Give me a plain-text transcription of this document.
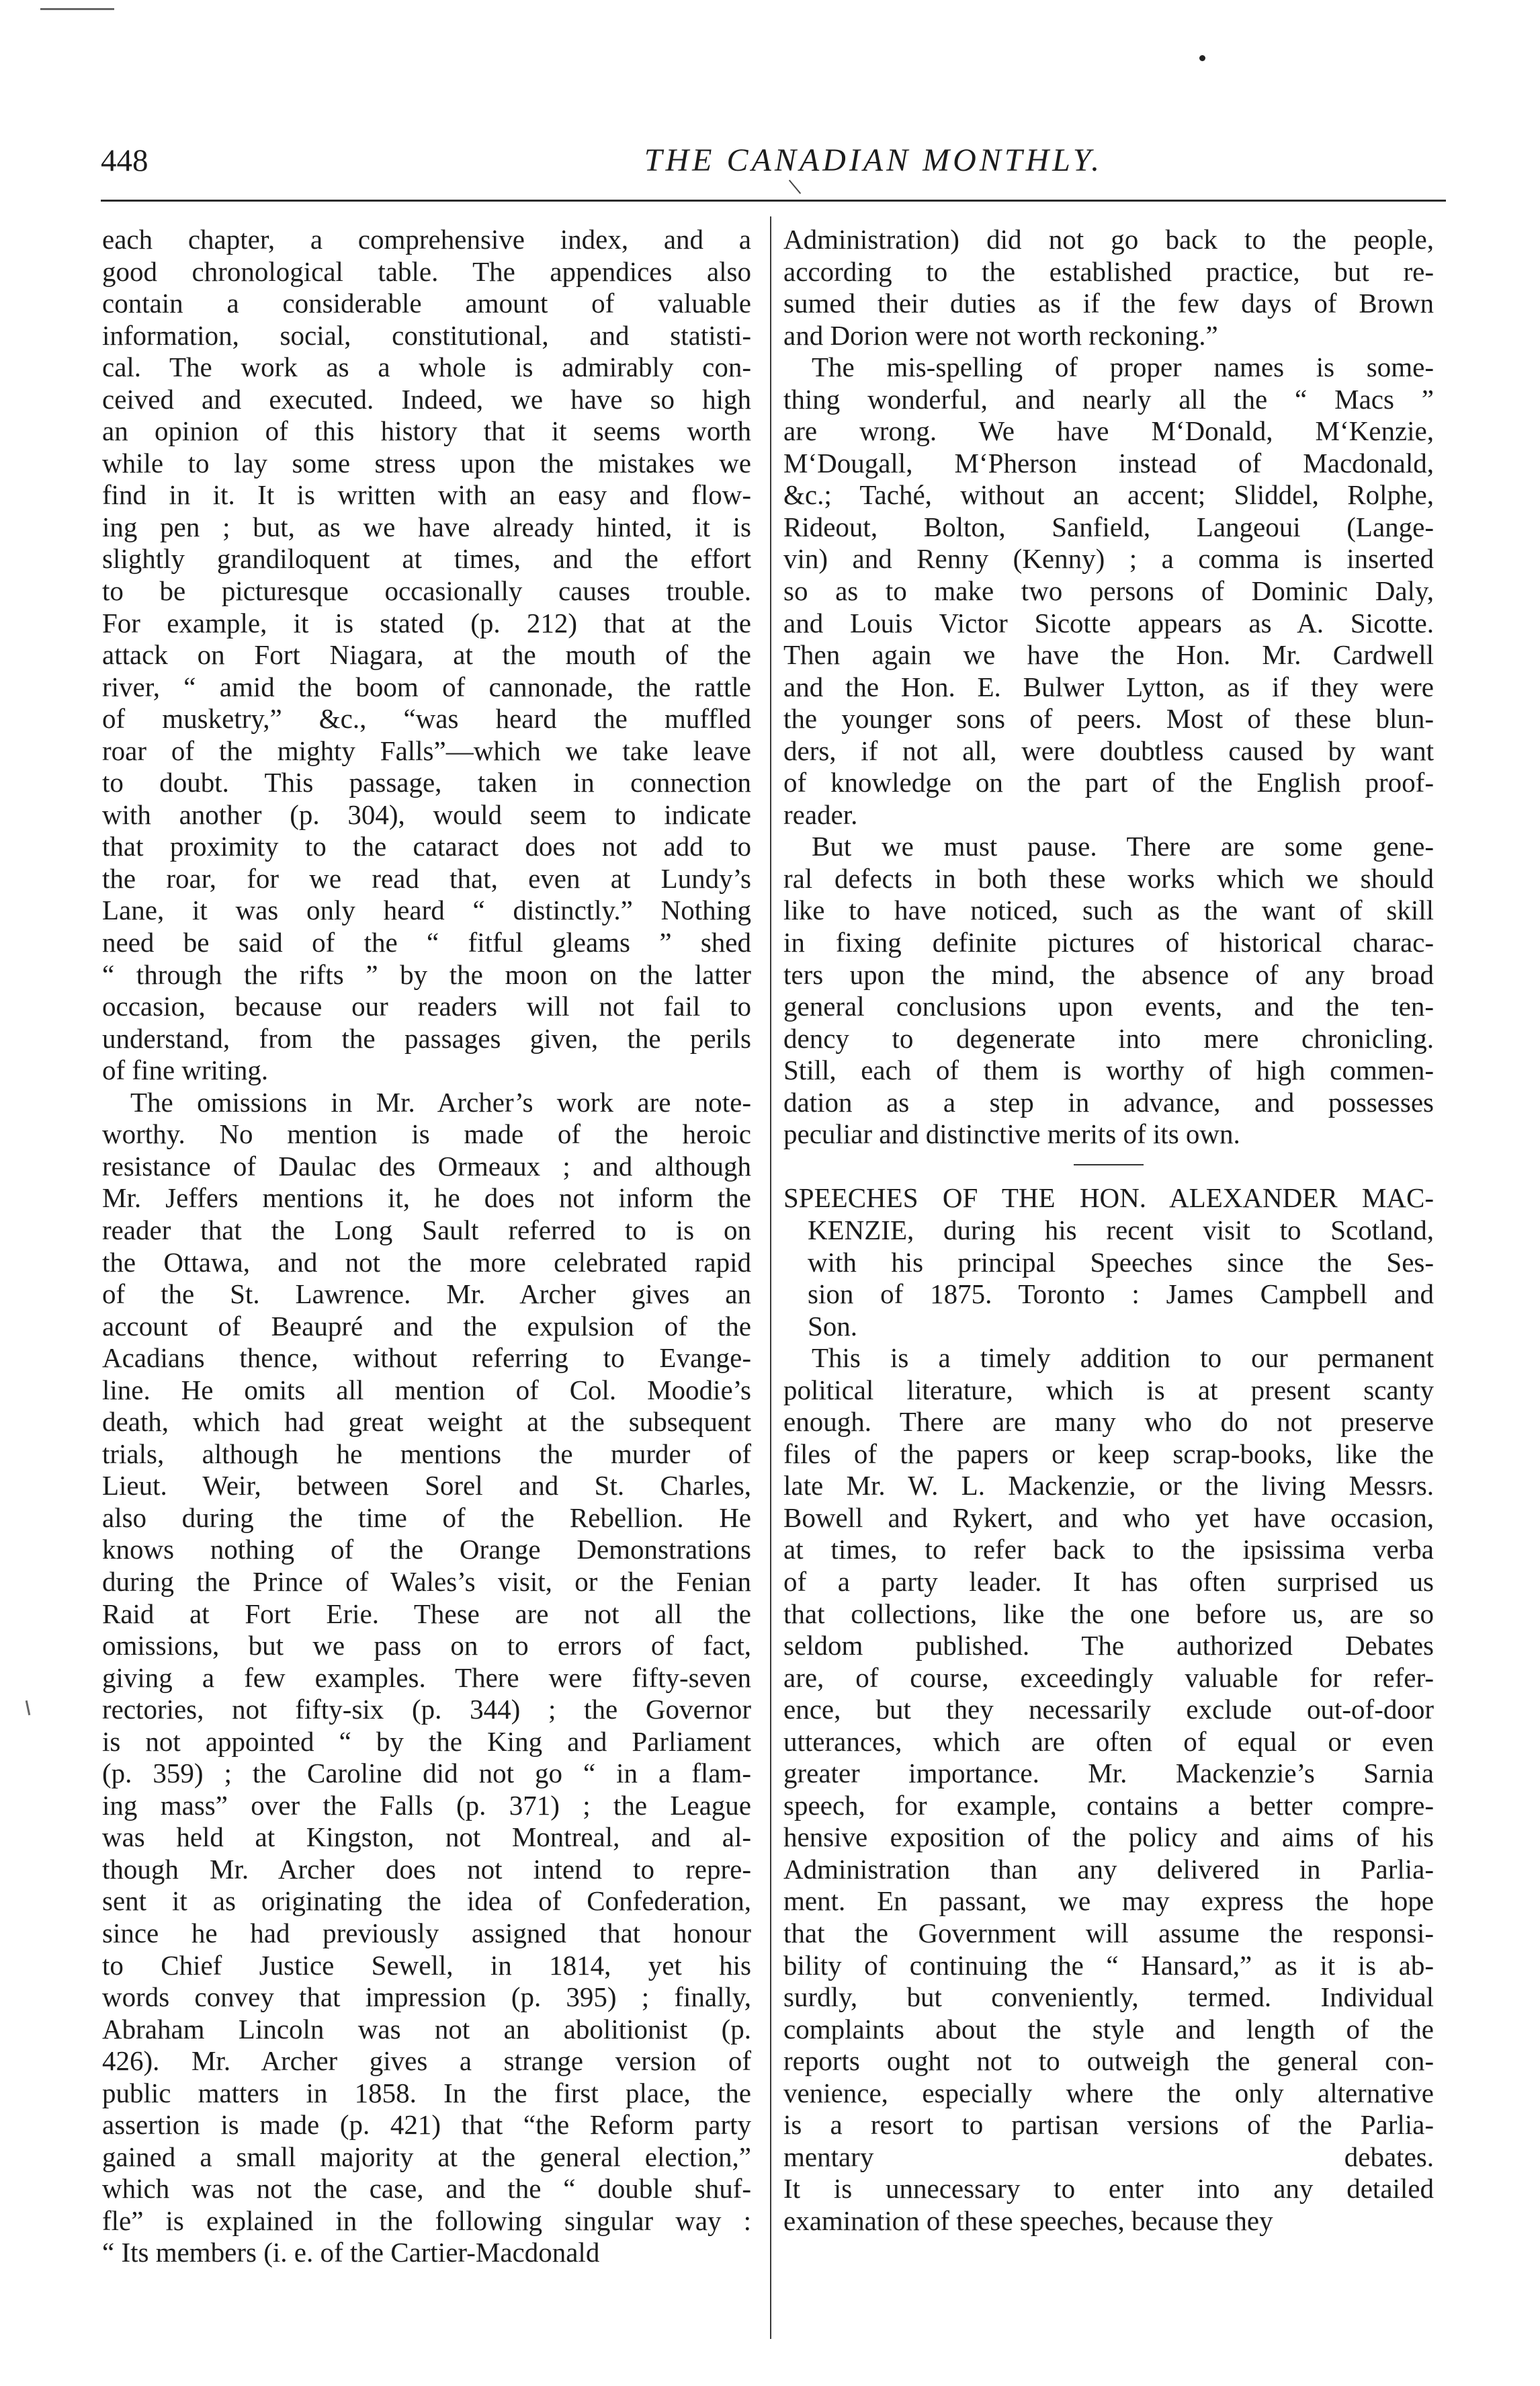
448	THE CANADIAN MONTHLY.
each chapter, a comprehensive index, and a
good chronological table. The appendices also
contain a considerable amount of valuable
information, social, constitutional, and statisti-
cal. The work as a whole is admirably con-
ceived and executed. Indeed, we have so high
an opinion of this history that it seems worth
while to lay some stress upon the mistakes we
find in it. It is written with an easy and flow-
ing pen ; but, as we have already hinted, it is
slightly grandiloquent at times, and the effort
to be picturesque occasionally causes trouble.
For example, it is stated (p. 212) that at the
attack on Fort Niagara, at the mouth of the
river, “ amid the boom of cannonade, the rattle
of musketry,” &c., “was heard the muffled
roar of the mighty Falls”—which we take leave
to doubt. This passage, taken in connection
with another (p. 304), would seem to indicate
that proximity to the cataract does not add to
the roar, for we read that, even at Lundy’s
Lane, it was only heard “ distinctly.” Nothing
need be said of the “ fitful gleams ” shed
“ through the rifts ” by the moon on the latter
occasion, because our readers will not fail to
understand, from the passages given, the perils
of fine writing.
The omissions in Mr. Archer’s work are note-
worthy. No mention is made of the heroic
resistance of Daulac des Ormeaux ; and although
Mr. Jeffers mentions it, he does not inform the
reader that the Long Sault referred to is on
the Ottawa, and not the more celebrated rapid
of the St. Lawrence. Mr. Archer gives an
account of Beaupré and the expulsion of the
Acadians thence, without referring to Evange-
line. He omits all mention of Col. Moodie’s
death, which had great weight at the subsequent
trials, although he mentions the murder of
Lieut. Weir, between Sorel and St. Charles,
also during the time of the Rebellion. He
knows nothing of the Orange Demonstrations
during the Prince of Wales’s visit, or the Fenian
Raid at Fort Erie. These are not all the
omissions, but we pass on to errors of fact,
giving a few examples. There were fifty-seven
rectories, not fifty-six (p. 344) ; the Governor
is not appointed “ by the King and Parliament
(p. 359) ; the Caroline did not go “ in a flam-
ing mass” over the Falls (p. 371) ; the League
was held at Kingston, not Montreal, and al-
though Mr. Archer does not intend to repre-
sent it as originating the idea of Confederation,
since he had previously assigned that honour
to Chief Justice Sewell, in 1814, yet his
words convey that impression (p. 395) ; finally,
Abraham Lincoln was not an abolitionist (p.
426). Mr. Archer gives a strange version of
public matters in 1858. In the first place, the
assertion is made (p. 421) that “the Reform party
gained a small majority at the general election,”
which was not the case, and the “ double shuf-
fle” is explained in the following singular way :
“ Its members (i. e. of the Cartier-Macdonald
Administration) did not go back to the people,
according to the established practice, but re-
sumed their duties as if the few days of Brown
and Dorion were not worth reckoning.”
The mis-spelling of proper names is some-
thing wonderful, and nearly all the “ Macs ”
are wrong. We have M‘Donald, M‘Kenzie,
M‘Dougall, M‘Pherson instead of Macdonald,
&c.; Taché, without an accent; Sliddel, Rolphe,
Rideout, Bolton, Sanfield, Langeoui (Lange-
vin) and Renny (Kenny) ; a comma is inserted
so as to make two persons of Dominic Daly,
and Louis Victor Sicotte appears as A. Sicotte.
Then again we have the Hon. Mr. Cardwell
and the Hon. E. Bulwer Lytton, as if they were
the younger sons of peers. Most of these blun-
ders, if not all, were doubtless caused by want
of knowledge on the part of the English proof-
reader.
But we must pause. There are some gene-
ral defects in both these works which we should
like to have noticed, such as the want of skill
in fixing definite pictures of historical charac-
ters upon the mind, the absence of any broad
general conclusions upon events, and the ten-
dency to degenerate into mere chronicling.
Still, each of them is worthy of high commen-
dation as a step in advance, and possesses
peculiar and distinctive merits of its own.
SPEECHES OF THE HON. ALEXANDER MAC-
KENZIE, during his recent visit to Scotland,
with his principal Speeches since the Ses-
sion of 1875. Toronto : James Campbell and
Son.
This is a timely addition to our permanent
political literature, which is at present scanty
enough. There are many who do not preserve
files of the papers or keep scrap-books, like the
late Mr. W. L. Mackenzie, or the living Messrs.
Bowell and Rykert, and who yet have occasion,
at times, to refer back to the ipsissima verba
of a party leader. It has often surprised us
that collections, like the one before us, are so
seldom published. The authorized Debates
are, of course, exceedingly valuable for refer-
ence, but they necessarily exclude out-of-door
utterances, which are often of equal or even
greater importance. Mr. Mackenzie’s Sarnia
speech, for example, contains a better compre-
hensive exposition of the policy and aims of his
Administration than any delivered in Parlia-
ment. En passant, we may express the hope
that the Government will assume the responsi-
bility of continuing the “ Hansard,” as it is ab-
surdly, but conveniently, termed. Individual
complaints about the style and length of the
reports ought not to outweigh the general con-
venience, especially where the only alternative
is a resort to partisan versions of the Parlia-
mentary debates.
It is unnecessary to enter into any detailed
examination of these speeches, because they
